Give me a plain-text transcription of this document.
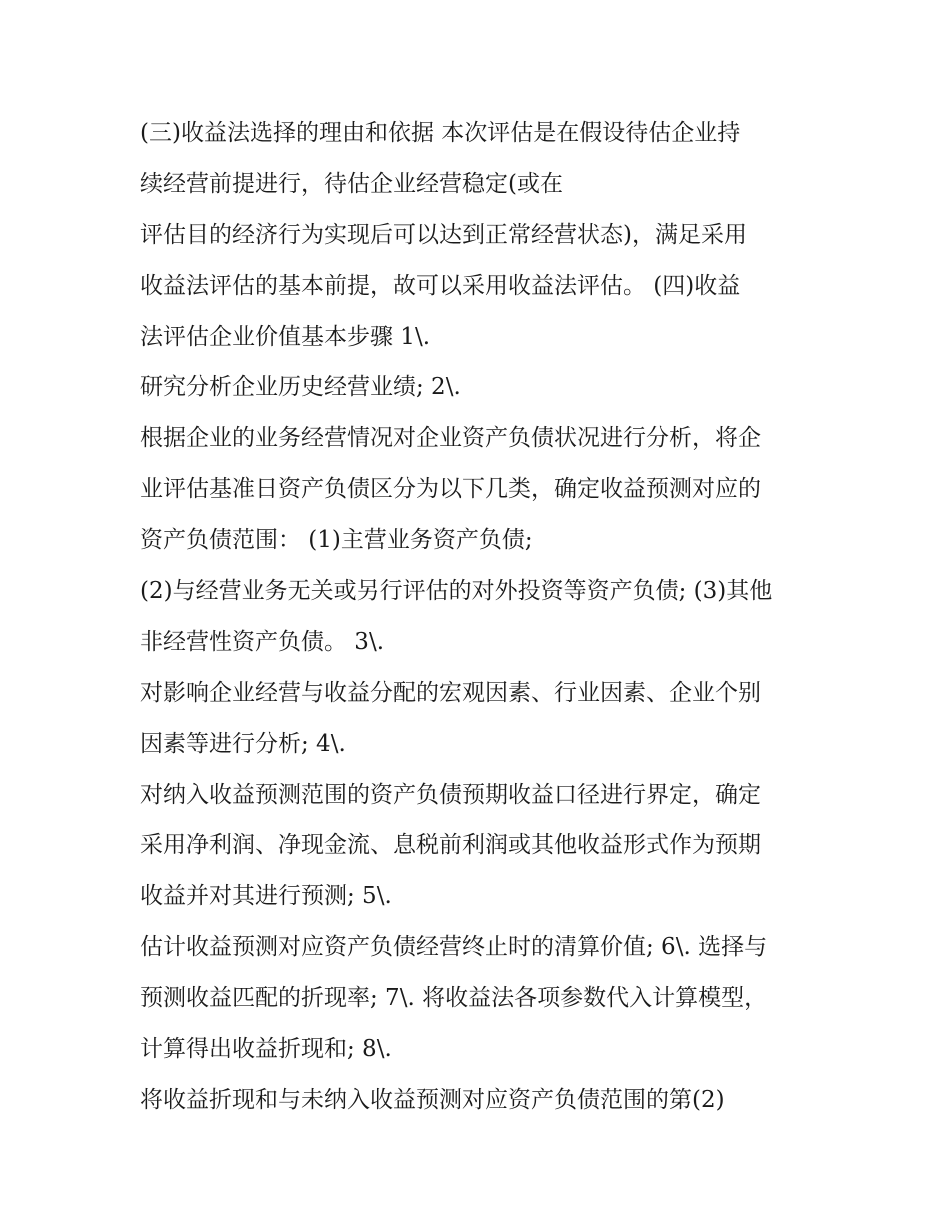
(三)收益法选择的理由和依据 本次评估是在假设待估企业持
续经营前提进行，待估企业经营稳定(或在
评估目的经济行为实现后可以达到正常经营状态)，满足采用
收益法评估的基本前提，故可以采用收益法评估。 (四)收益
法评估企业价值基本步骤 1\.
研究分析企业历史经营业绩; 2\.
根据企业的业务经营情况对企业资产负债状况进行分析，将企
业评估基准日资产负债区分为以下几类，确定收益预测对应的
资产负债范围： (1)主营业务资产负债;
(2)与经营业务无关或另行评估的对外投资等资产负债; (3)其他
非经营性资产负债。 3\.
对影响企业经营与收益分配的宏观因素、行业因素、企业个别
因素等进行分析; 4\.
对纳入收益预测范围的资产负债预期收益口径进行界定，确定
采用净利润、净现金流、息税前利润或其他收益形式作为预期
收益并对其进行预测; 5\.
估计收益预测对应资产负债经营终止时的清算价值; 6\. 选择与
预测收益匹配的折现率; 7\. 将收益法各项参数代入计算模型，
计算得出收益折现和; 8\.
将收益折现和与未纳入收益预测对应资产负债范围的第(2)
